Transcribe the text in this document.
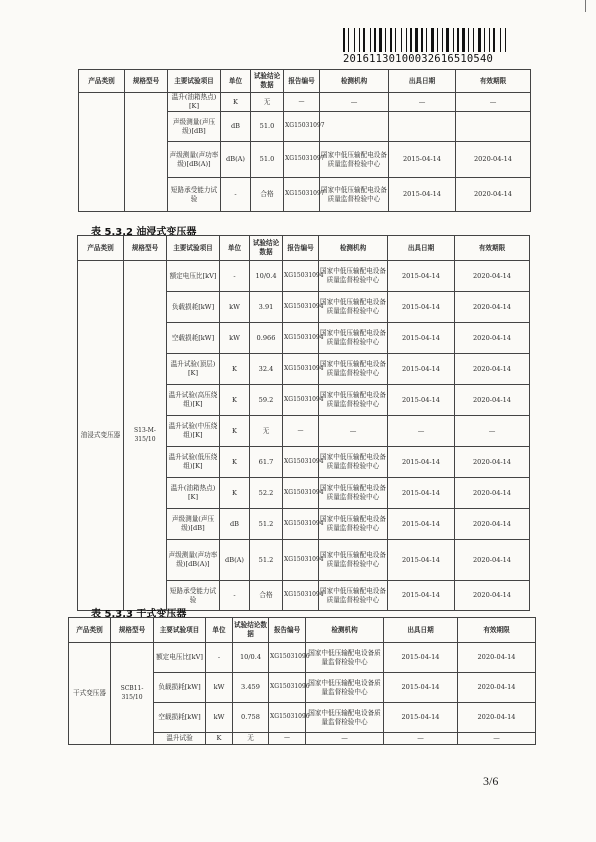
20161130100032616510540
产品类别	规格型号	主要试验项目	单位	试验结论数据	报告编号	检测机构	出具日期	有效期限
		温升(油箱热点)[K]	K	无	—	—	—	—
		声级测量(声压级)[dB]	dB	51.0	XG15031097			
		声级测量(声功率级)[dB(A)]	dB(A)	51.0	XG15031097	国家中低压输配电设备质量监督检验中心	2015-04-14	2020-04-14
		短路承受能力试验	-	合格	XG15031097	国家中低压输配电设备质量监督检验中心	2015-04-14	2020-04-14
表 5.3.2 油浸式变压器
产品类别	规格型号	主要试验项目	单位	试验结论数据	报告编号	检测机构	出具日期	有效期限
油浸式变压器	S13-M-315/10	额定电压比[kV]	-	10/0.4	XG15031094	国家中低压输配电设备质量监督检验中心	2015-04-14	2020-04-14
		负载损耗[kW]	kW	3.91	XG15031094	国家中低压输配电设备质量监督检验中心	2015-04-14	2020-04-14
		空载损耗[kW]	kW	0.966	XG15031094	国家中低压输配电设备质量监督检验中心	2015-04-14	2020-04-14
		温升试验(顶层)[K]	K	32.4	XG15031094	国家中低压输配电设备质量监督检验中心	2015-04-14	2020-04-14
		温升试验(高压绕组)[K]	K	59.2	XG15031094	国家中低压输配电设备质量监督检验中心	2015-04-14	2020-04-14
		温升试验(中压绕组)[K]	K	无	—	—	—	—
		温升试验(低压绕组)[K]	K	61.7	XG15031094	国家中低压输配电设备质量监督检验中心	2015-04-14	2020-04-14
		温升(油箱热点)[K]	K	52.2	XG15031094	国家中低压输配电设备质量监督检验中心	2015-04-14	2020-04-14
		声级测量(声压级)[dB]	dB	51.2	XG15031094	国家中低压输配电设备质量监督检验中心	2015-04-14	2020-04-14
		声级测量(声功率级)[dB(A)]	dB(A)	51.2	XG15031094	国家中低压输配电设备质量监督检验中心	2015-04-14	2020-04-14
		短路承受能力试验	-	合格	XG15031094	国家中低压输配电设备质量监督检验中心	2015-04-14	2020-04-14
表 5.3.3 干式变压器
产品类别	规格型号	主要试验项目	单位	试验结论数据	报告编号	检测机构	出具日期	有效期限
干式变压器	SCB11-315/10	额定电压比[kV]	-	10/0.4	XG15031096	国家中低压输配电设备质量监督检验中心	2015-04-14	2020-04-14
		负载损耗[kW]	kW	3.459	XG15031096	国家中低压输配电设备质量监督检验中心	2015-04-14	2020-04-14
		空载损耗[kW]	kW	0.758	XG15031096	国家中低压输配电设备质量监督检验中心	2015-04-14	2020-04-14
		温升试验	K	无	—	—	—	—
3/6
